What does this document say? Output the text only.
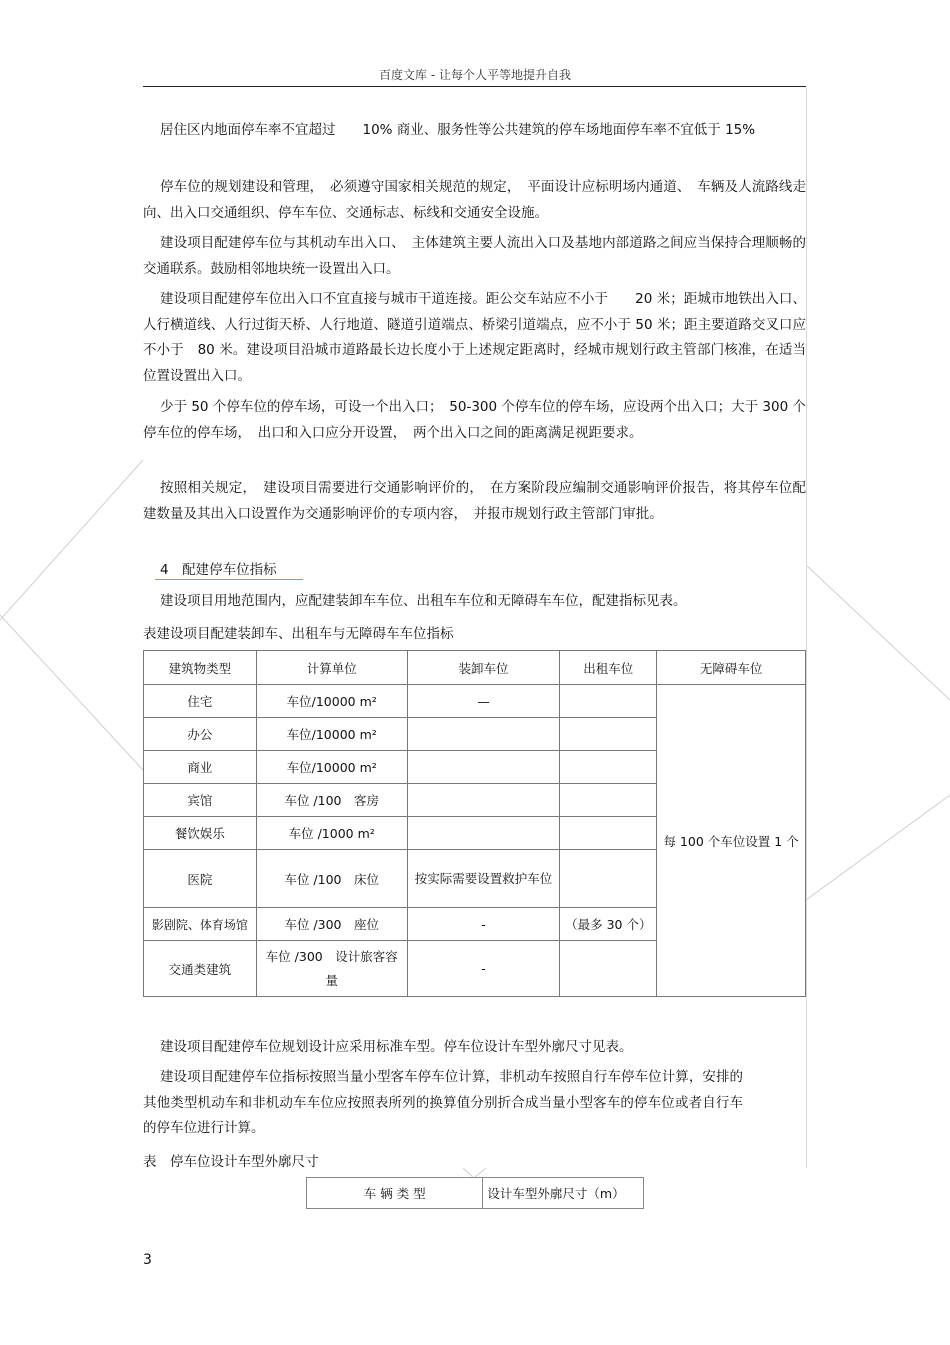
百度文库 - 让每个人平等地提升自我

居住区内地面停车率不宜超过　　10% 商业、服务性等公共建筑的停车场地面停车率不宜低于 15%

停车位的规划建设和管理，　必须遵守国家相关规范的规定，　平面设计应标明场内通道、　车辆及人流路线走向、出入口交通组织、停车车位、交通标志、标线和交通安全设施。

建设项目配建停车位与其机动车出入口、　主体建筑主要人流出入口及基地内部道路之间应当保持合理顺畅的交通联系。鼓励相邻地块统一设置出入口。

建设项目配建停车位出入口不宜直接与城市干道连接。距公交车站应不小于　　20 米；距城市地铁出入口、人行横道线、人行过街天桥、人行地道、隧道引道端点、桥梁引道端点，应不小于 50 米；距主要道路交叉口应不小于　80 米。建设项目沿城市道路最长边长度小于上述规定距离时，经城市规划行政主管部门核准，在适当位置设置出入口。

少于 50 个停车位的停车场，可设一个出入口；　50-300 个停车位的停车场，应设两个出入口；大于 300 个停车位的停车场，　出口和入口应分开设置，　两个出入口之间的距离满足视距要求。

按照相关规定，　建设项目需要进行交通影响评价的，　在方案阶段应编制交通影响评价报告，将其停车位配建数量及其出入口设置作为交通影响评价的专项内容，　并报市规划行政主管部门审批。

4　配建停车位指标

建设项目用地范围内，应配建装卸车车位、出租车车位和无障碍车车位，配建指标见表。

表建设项目配建装卸车、出租车与无障碍车车位指标
建筑物类型	计算单位	装卸车位	出租车位	无障碍车位
住宅	车位/10000 m²	—		每 100 个车位设置 1 个
办公	车位/10000 m²			
商业	车位/10000 m²			
宾馆	车位 /100　客房			
餐饮娱乐	车位 /1000 m²			
医院	车位 /100　床位	按实际需要设置救护车位		
影剧院、体育场馆	车位 /300　座位	-	（最多 30 个）	
交通类建筑	车位 /300　设计旅客容量	-		

建设项目配建停车位规划设计应采用标准车型。停车位设计车型外廓尺寸见表。

建设项目配建停车位指标按照当量小型客车停车位计算，非机动车按照自行车停车位计算，安排的其他类型机动车和非机动车车位应按照表所列的换算值分别折合成当量小型客车的停车位或者自行车的停车位进行计算。

表　停车位设计车型外廓尺寸
车 辆 类 型	设计车型外廓尺寸（m）
3
